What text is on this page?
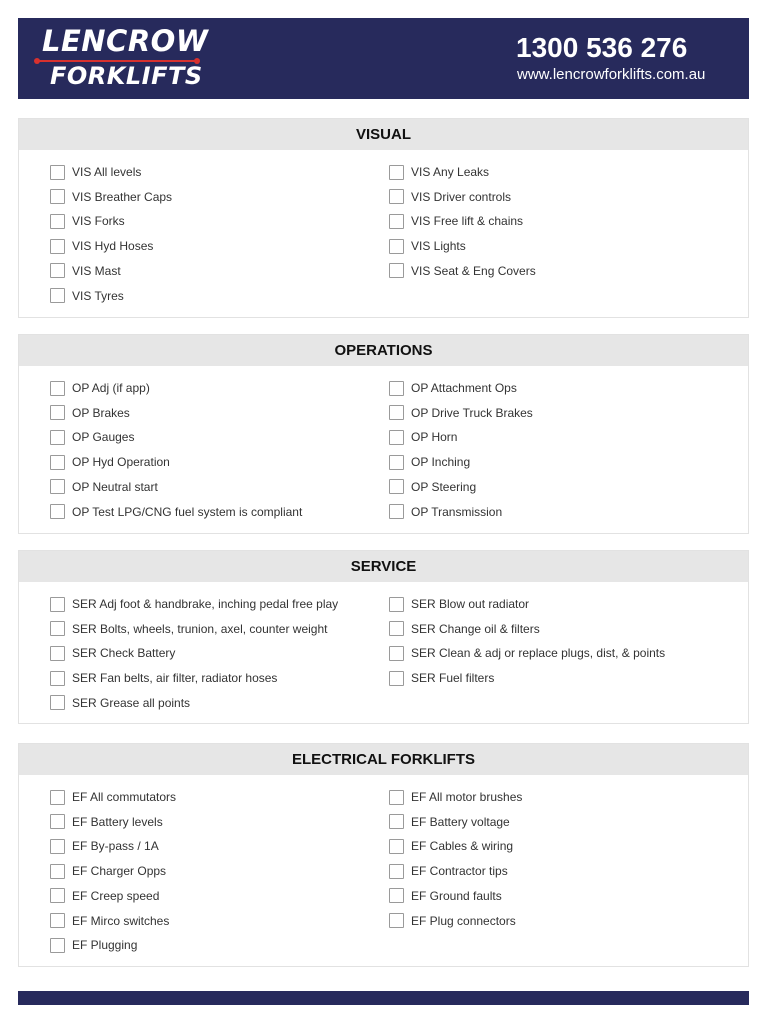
LENCROW
FORKLIFTS
1300 536 276
www.lencrowforklifts.com.au
VISUAL
VIS All levels
VIS Breather Caps
VIS Forks
VIS Hyd Hoses
VIS Mast
VIS Tyres
VIS Any Leaks
VIS Driver controls
VIS Free lift & chains
VIS Lights
VIS Seat & Eng Covers
OPERATIONS
OP Adj (if app)
OP Brakes
OP Gauges
OP Hyd Operation
OP Neutral start
OP Test LPG/CNG fuel system is compliant
OP Attachment Ops
OP Drive Truck Brakes
OP Horn
OP Inching
OP Steering
OP Transmission
SERVICE
SER Adj foot & handbrake, inching pedal free play
SER Bolts, wheels, trunion, axel, counter weight
SER Check Battery
SER Fan belts, air filter, radiator hoses
SER Grease all points
SER Blow out radiator
SER Change oil & filters
SER Clean & adj or replace plugs, dist, & points
SER Fuel filters
ELECTRICAL FORKLIFTS
EF All commutators
EF Battery levels
EF By-pass / 1A
EF Charger Opps
EF Creep speed
EF Mirco switches
EF Plugging
EF All motor brushes
EF Battery voltage
EF Cables & wiring
EF Contractor tips
EF Ground faults
EF Plug connectors
